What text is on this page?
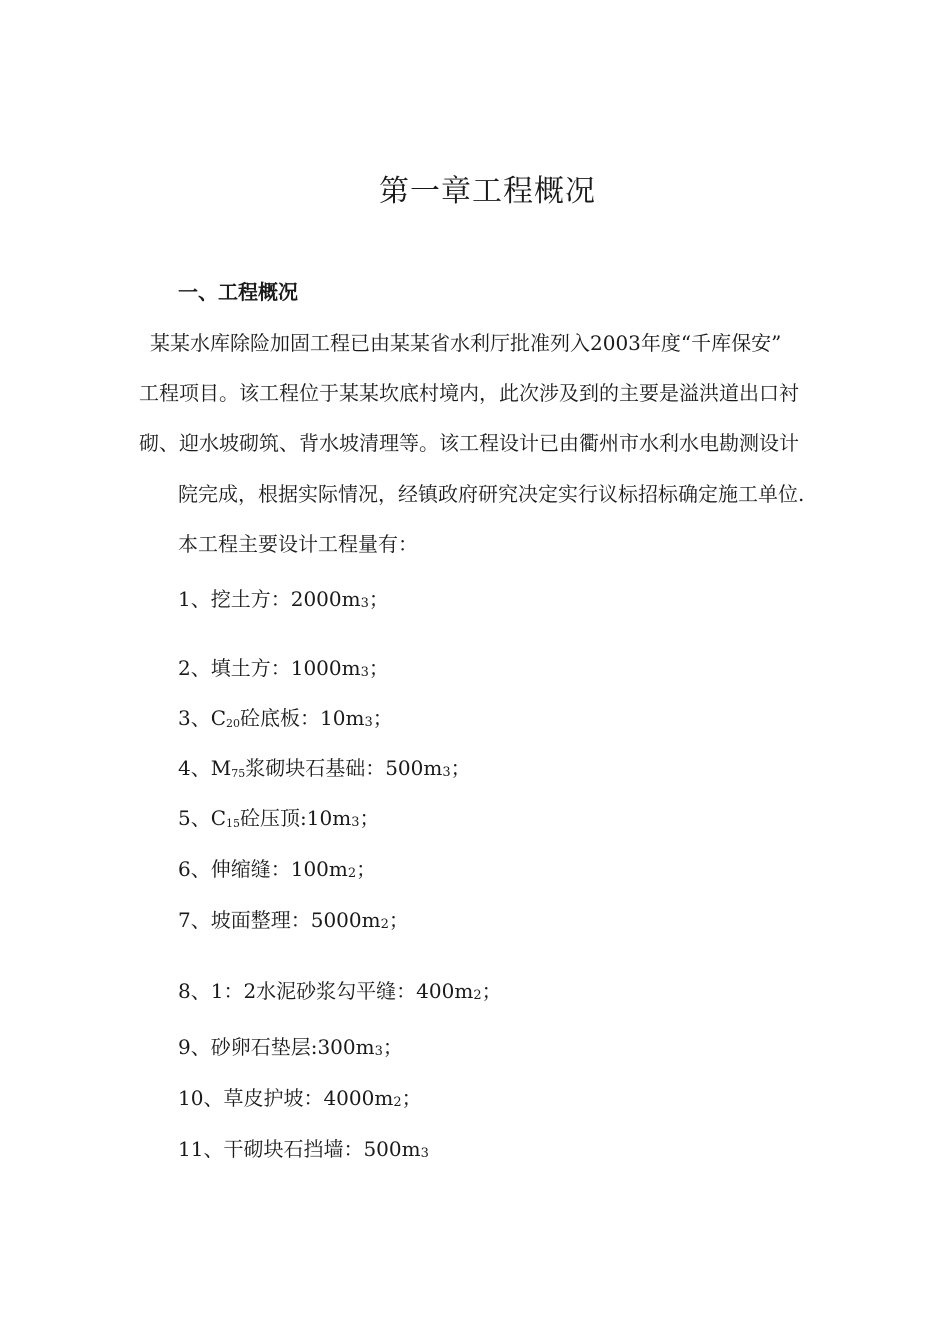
第一章工程概况
一、工程概况
某某水库除险加固工程已由某某省水利厅批准列入2003年度“千库保安”
工程项目。该工程位于某某坎底村境内，此次涉及到的主要是溢洪道出口衬
砌、迎水坡砌筑、背水坡清理等。该工程设计已由衢州市水利水电勘测设计
院完成，根据实际情况，经镇政府研究决定实行议标招标确定施工单位.
本工程主要设计工程量有：
1、挖土方：2000m3；
2、填土方：1000m3；
3、C20砼底板：10m3；
4、M75浆砌块石基础：500m3；
5、C15砼压顶:10m3；
6、伸缩缝：100m2；
7、坡面整理：5000m2；
8、1：2水泥砂浆勾平缝：400m2；
9、砂卵石垫层:300m3；
10、草皮护坡：4000m2；
11、干砌块石挡墙：500m3
